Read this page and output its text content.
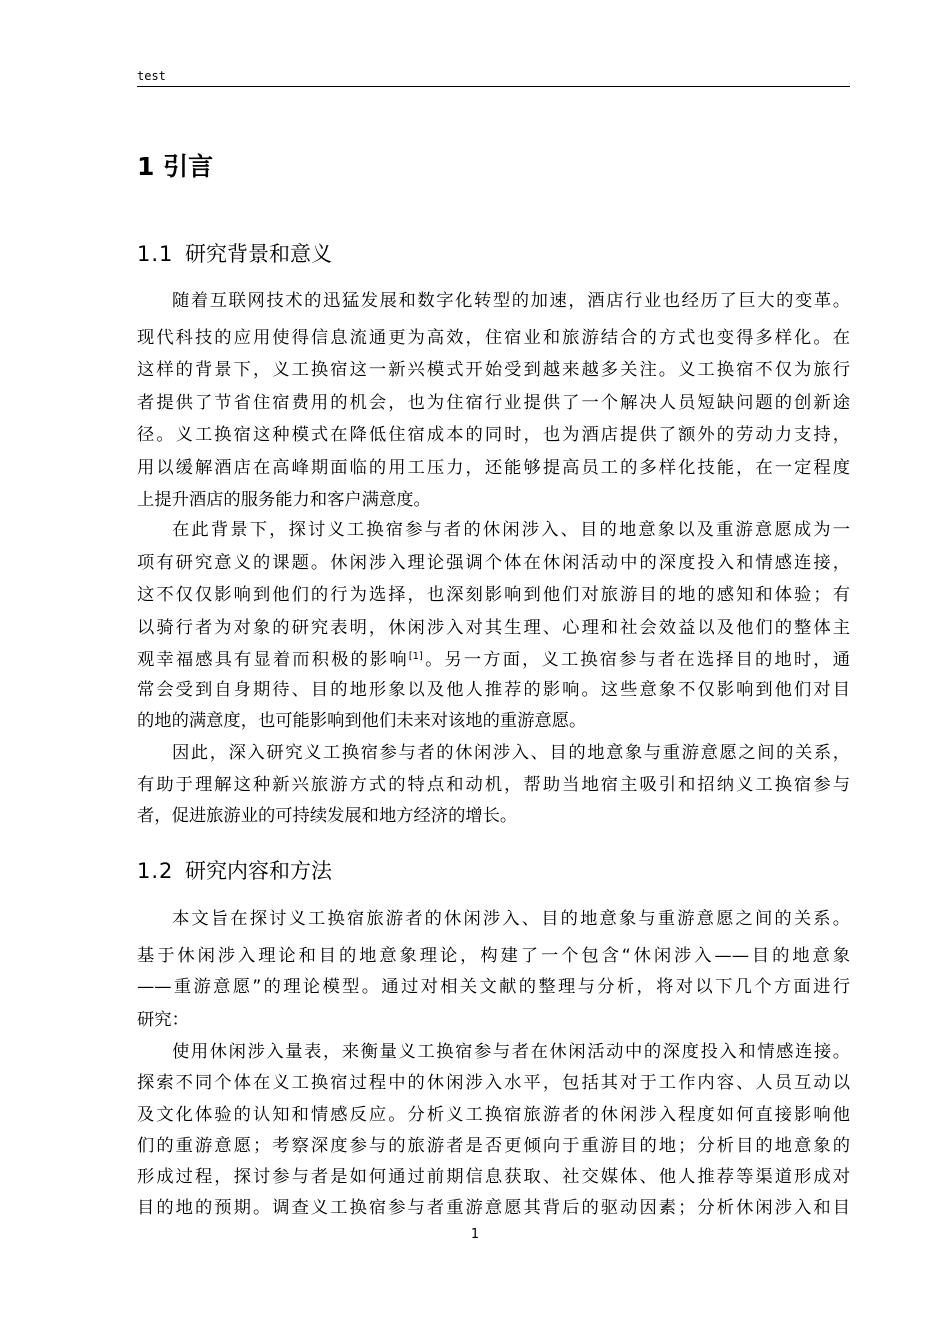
test
1 引言
1.1 研究背景和意义
随着互联网技术的迅猛发展和数字化转型的加速，酒店行业也经历了巨大的变革。
现代科技的应用使得信息流通更为高效，住宿业和旅游结合的方式也变得多样化。在
这样的背景下，义工换宿这一新兴模式开始受到越来越多关注。义工换宿不仅为旅行
者提供了节省住宿费用的机会，也为住宿行业提供了一个解决人员短缺问题的创新途
径。义工换宿这种模式在降低住宿成本的同时，也为酒店提供了额外的劳动力支持，
用以缓解酒店在高峰期面临的用工压力，还能够提高员工的多样化技能，在一定程度
上提升酒店的服务能力和客户满意度。
在此背景下，探讨义工换宿参与者的休闲涉入、目的地意象以及重游意愿成为一
项有研究意义的课题。休闲涉入理论强调个体在休闲活动中的深度投入和情感连接，
这不仅仅影响到他们的行为选择，也深刻影响到他们对旅游目的地的感知和体验；有
以骑行者为对象的研究表明，休闲涉入对其生理、心理和社会效益以及他们的整体主
观幸福感具有显着而积极的影响[1]。另一方面，义工换宿参与者在选择目的地时，通
常会受到自身期待、目的地形象以及他人推荐的影响。这些意象不仅影响到他们对目
的地的满意度，也可能影响到他们未来对该地的重游意愿。
因此，深入研究义工换宿参与者的休闲涉入、目的地意象与重游意愿之间的关系，
有助于理解这种新兴旅游方式的特点和动机，帮助当地宿主吸引和招纳义工换宿参与
者，促进旅游业的可持续发展和地方经济的增长。
1.2 研究内容和方法
本文旨在探讨义工换宿旅游者的休闲涉入、目的地意象与重游意愿之间的关系。
基于休闲涉入理论和目的地意象理论，构建了一个包含“休闲涉入——目的地意象
——重游意愿”的理论模型。通过对相关文献的整理与分析，将对以下几个方面进行
研究：
使用休闲涉入量表，来衡量义工换宿参与者在休闲活动中的深度投入和情感连接。
探索不同个体在义工换宿过程中的休闲涉入水平，包括其对于工作内容、人员互动以
及文化体验的认知和情感反应。分析义工换宿旅游者的休闲涉入程度如何直接影响他
们的重游意愿；考察深度参与的旅游者是否更倾向于重游目的地；分析目的地意象的
形成过程，探讨参与者是如何通过前期信息获取、社交媒体、他人推荐等渠道形成对
目的地的预期。调查义工换宿参与者重游意愿其背后的驱动因素；分析休闲涉入和目
1
